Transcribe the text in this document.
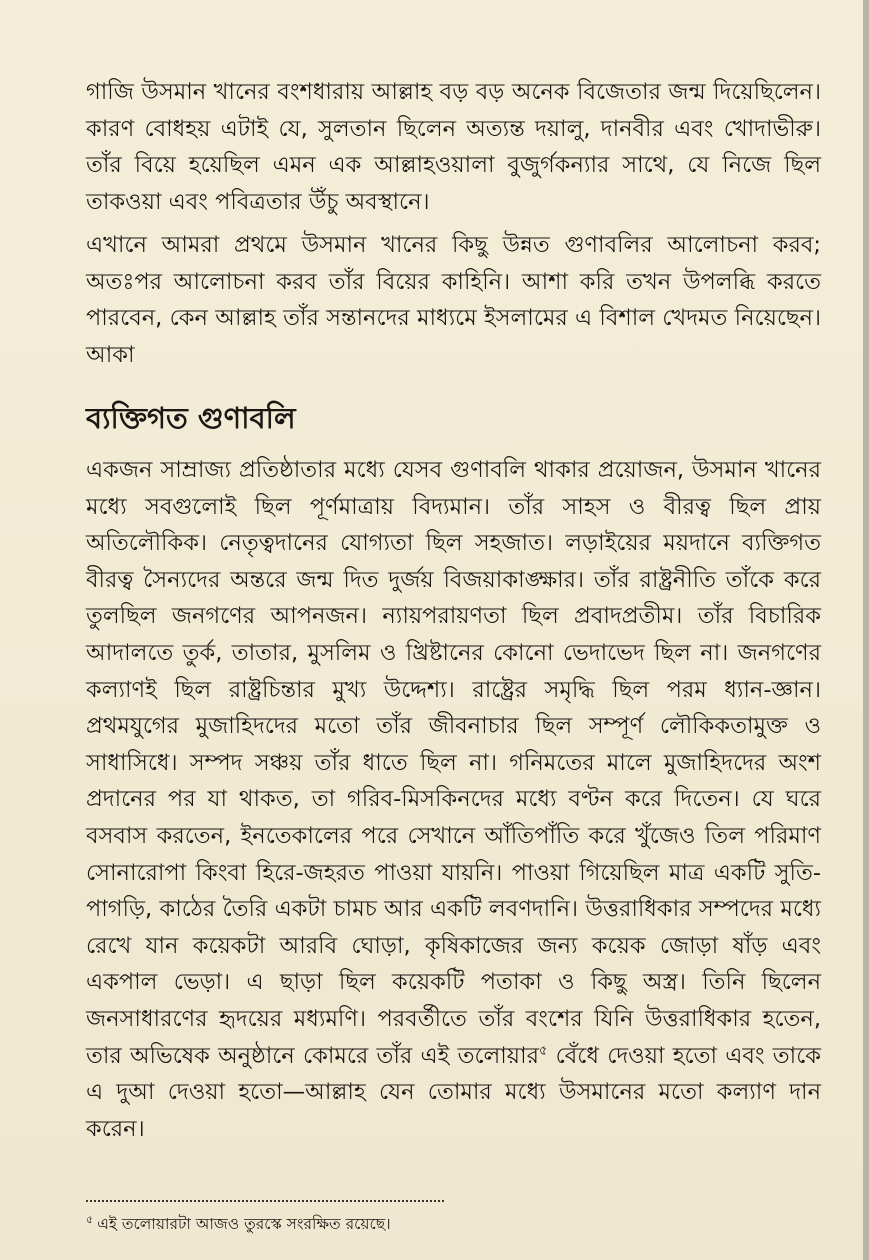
গাজি উসমান খানের বংশধারায় আল্লাহ বড় বড় অনেক বিজেতার জন্ম দিয়েছিলেন। কারণ বোধহয় এটাই যে, সুলতান ছিলেন অত্যন্ত দয়ালু, দানবীর এবং খোদাভীরু। তাঁর বিয়ে হয়েছিল এমন এক আল্লাহওয়ালা বুজুর্গকন্যার সাথে, যে নিজে ছিল তাকওয়া এবং পবিত্রতার উঁচু অবস্থানে।

এখানে আমরা প্রথমে উসমান খানের কিছু উন্নত গুণাবলির আলোচনা করব; অতঃপর আলোচনা করব তাঁর বিয়ের কাহিনি। আশা করি তখন উপলব্ধি করতে পারবেন, কেন আল্লাহ তাঁর সন্তানদের মাধ্যমে ইসলামের এ বিশাল খেদমত নিয়েছেন। আকা

ব্যক্তিগত গুণাবলি

একজন সাম্রাজ্য প্রতিষ্ঠাতার মধ্যে যেসব গুণাবলি থাকার প্রয়োজন, উসমান খানের মধ্যে সবগুলোই ছিল পূর্ণমাত্রায় বিদ্যমান। তাঁর সাহস ও বীরত্ব ছিল প্রায় অতিলৌকিক। নেতৃত্বদানের যোগ্যতা ছিল সহজাত। লড়াইয়ের ময়দানে ব্যক্তিগত বীরত্ব সৈন্যদের অন্তরে জন্ম দিত দুর্জয় বিজয়াকাঙ্ক্ষার। তাঁর রাষ্ট্রনীতি তাঁকে করে তুলছিল জনগণের আপনজন। ন্যায়পরায়ণতা ছিল প্রবাদপ্রতীম। তাঁর বিচারিক আদালতে তুর্ক, তাতার, মুসলিম ও খ্রিষ্টানের কোনো ভেদাভেদ ছিল না। জনগণের কল্যাণই ছিল রাষ্ট্রচিন্তার মুখ্য উদ্দেশ্য। রাষ্ট্রের সমৃদ্ধি ছিল পরম ধ্যান-জ্ঞান। প্রথমযুগের মুজাহিদদের মতো তাঁর জীবনাচার ছিল সম্পূর্ণ লৌকিকতামুক্ত ও সাধাসিধে। সম্পদ সঞ্চয় তাঁর ধাতে ছিল না। গনিমতের মালে মুজাহিদদের অংশ প্রদানের পর যা থাকত, তা গরিব-মিসকিনদের মধ্যে বণ্টন করে দিতেন। যে ঘরে বসবাস করতেন, ইনতেকালের পরে সেখানে আঁতিপাঁতি করে খুঁজেও তিল পরিমাণ সোনারোপা কিংবা হিরে-জহরত পাওয়া যায়নি। পাওয়া গিয়েছিল মাত্র একটি সুতি-পাগড়ি, কাঠের তৈরি একটা চামচ আর একটি লবণদানি। উত্তরাধিকার সম্পদের মধ্যে রেখে যান কয়েকটা আরবি ঘোড়া, কৃষিকাজের জন্য কয়েক জোড়া ষাঁড় এবং একপাল ভেড়া। এ ছাড়া ছিল কয়েকটি পতাকা ও কিছু অস্ত্র। তিনি ছিলেন জনসাধারণের হৃদয়ের মধ্যমণি। পরবর্তীতে তাঁর বংশের যিনি উত্তরাধিকার হতেন, তার অভিষেক অনুষ্ঠানে কোমরে তাঁর এই তলোয়ার$^৫$ বেঁধে দেওয়া হতো এবং তাকে এ দুআ দেওয়া হতো—আল্লাহ যেন তোমার মধ্যে উসমানের মতো কল্যাণ দান করেন।

$^৫$ এই তলোয়ারটা আজও তুরস্কে সংরক্ষিত রয়েছে।
